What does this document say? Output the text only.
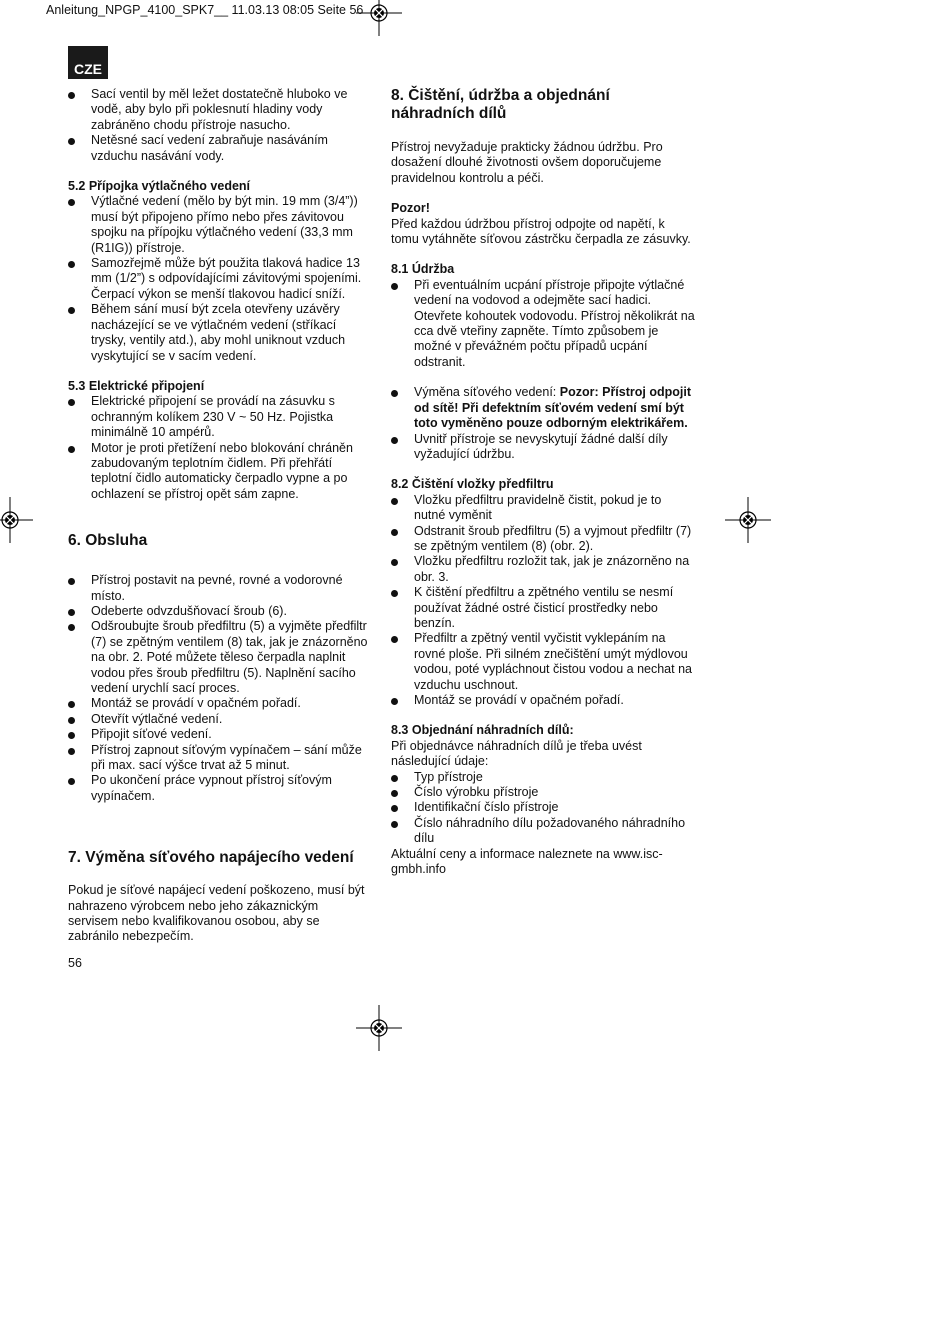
Anleitung_NPGP_4100_SPK7__ 11.03.13 08:05 Seite 56
CZE
Sací ventil by měl ležet dostatečně hluboko ve vodě, aby bylo při poklesnutí hladiny vody zabráněno chodu přístroje nasucho.
Netěsné sací vedení zabraňuje nasáváním vzduchu nasávání vody.

5.2 Přípojka výtlačného vedení

Výtlačné vedení (mělo by být min. 19 mm (3/4”)) musí být připojeno přímo nebo přes závitovou spojku na přípojku výtlačného vedení (33,3 mm (R1IG)) přístroje.
Samozřejmě může být použita tlaková hadice 13 mm (1/2”) s odpovídajícími závitovými spojeními. Čerpací výkon se menší tlakovou hadicí sníží.
Během sání musí být zcela otevřeny uzávěry nacházející se ve výtlačném vedení (stříkací trysky, ventily atd.), aby mohl uniknout vzduch vyskytující se v sacím vedení.

5.3 Elektrické připojení

Elektrické připojení se provádí na zásuvku s ochranným kolíkem 230 V ~ 50 Hz. Pojistka minimálně 10 ampérů.
Motor je proti přetížení nebo blokování chráněn zabudovaným teplotním čidlem. Při přehřátí teplotní čidlo automaticky čerpadlo vypne a po ochlazení se přístroj opět sám zapne.

6. Obsluha

Přístroj postavit na pevné, rovné a vodorovné místo.
Odeberte odvzdušňovací šroub (6).
Odšroubujte šroub předfiltru (5) a vyjměte předfiltr (7) se zpětným ventilem (8) tak, jak je znázorněno na obr. 2. Poté můžete těleso čerpadla naplnit vodou přes šroub předfiltru (5). Naplnění sacího vedení urychlí sací proces.
Montáž se provádí v opačném pořadí.
Otevřít výtlačné vedení.
Připojit síťové vedení.
Přístroj zapnout síťovým vypínačem – sání může při max. sací výšce trvat až 5 minut.
Po ukončení práce vypnout přístroj síťovým vypínačem.

7. Výměna síťového napájecího vedení

Pokud je síťové napájecí vedení poškozeno, musí být nahrazeno výrobcem nebo jeho zákaznickým servisem nebo kvalifikovanou osobou, aby se zabránilo nebezpečím.

8. Čištění, údržba a objednání náhradních dílů

Přístroj nevyžaduje prakticky žádnou údržbu. Pro dosažení dlouhé životnosti ovšem doporučujeme pravidelnou kontrolu a péči.

Pozor!

Před každou údržbou přístroj odpojte od napětí, k tomu vytáhněte síťovou zástrčku čerpadla ze zásuvky.

8.1 Údržba

Při eventuálním ucpání přístroje připojte výtlačné vedení na vodovod a odejměte sací hadici. Otevřete kohoutek vodovodu. Přístroj několikrát na cca dvě vteřiny zapněte. Tímto způsobem je možné v převážném počtu případů ucpání odstranit.
Výměna síťového vedení: Pozor: Přístroj odpojit od sítě! Při defektním síťovém vedení smí být toto vyměněno pouze odborným elektrikářem.
Uvnitř přístroje se nevyskytují žádné další díly vyžadující údržbu.

8.2 Čištění vložky předfiltru

Vložku předfiltru pravidelně čistit, pokud je to nutné vyměnit
Odstranit šroub předfiltru (5) a vyjmout předfiltr (7) se zpětným ventilem (8) (obr. 2).
Vložku předfiltru rozložit tak, jak je znázorněno na obr. 3.
K čištění předfiltru a zpětného ventilu se nesmí používat žádné ostré čisticí prostředky nebo benzín.
Předfiltr a zpětný ventil vyčistit vyklepáním na rovné ploše. Při silném znečištění umýt mýdlovou vodou, poté vypláchnout čistou vodou a nechat na vzduchu uschnout.
Montáž se provádí v opačném pořadí.

8.3 Objednání náhradních dílů:

Při objednávce náhradních dílů je třeba uvést následující údaje:

Typ přístroje
Číslo výrobku přístroje
Identifikační číslo přístroje
Číslo náhradního dílu požadovaného náhradního dílu

Aktuální ceny a informace naleznete na www.isc-gmbh.info

56
